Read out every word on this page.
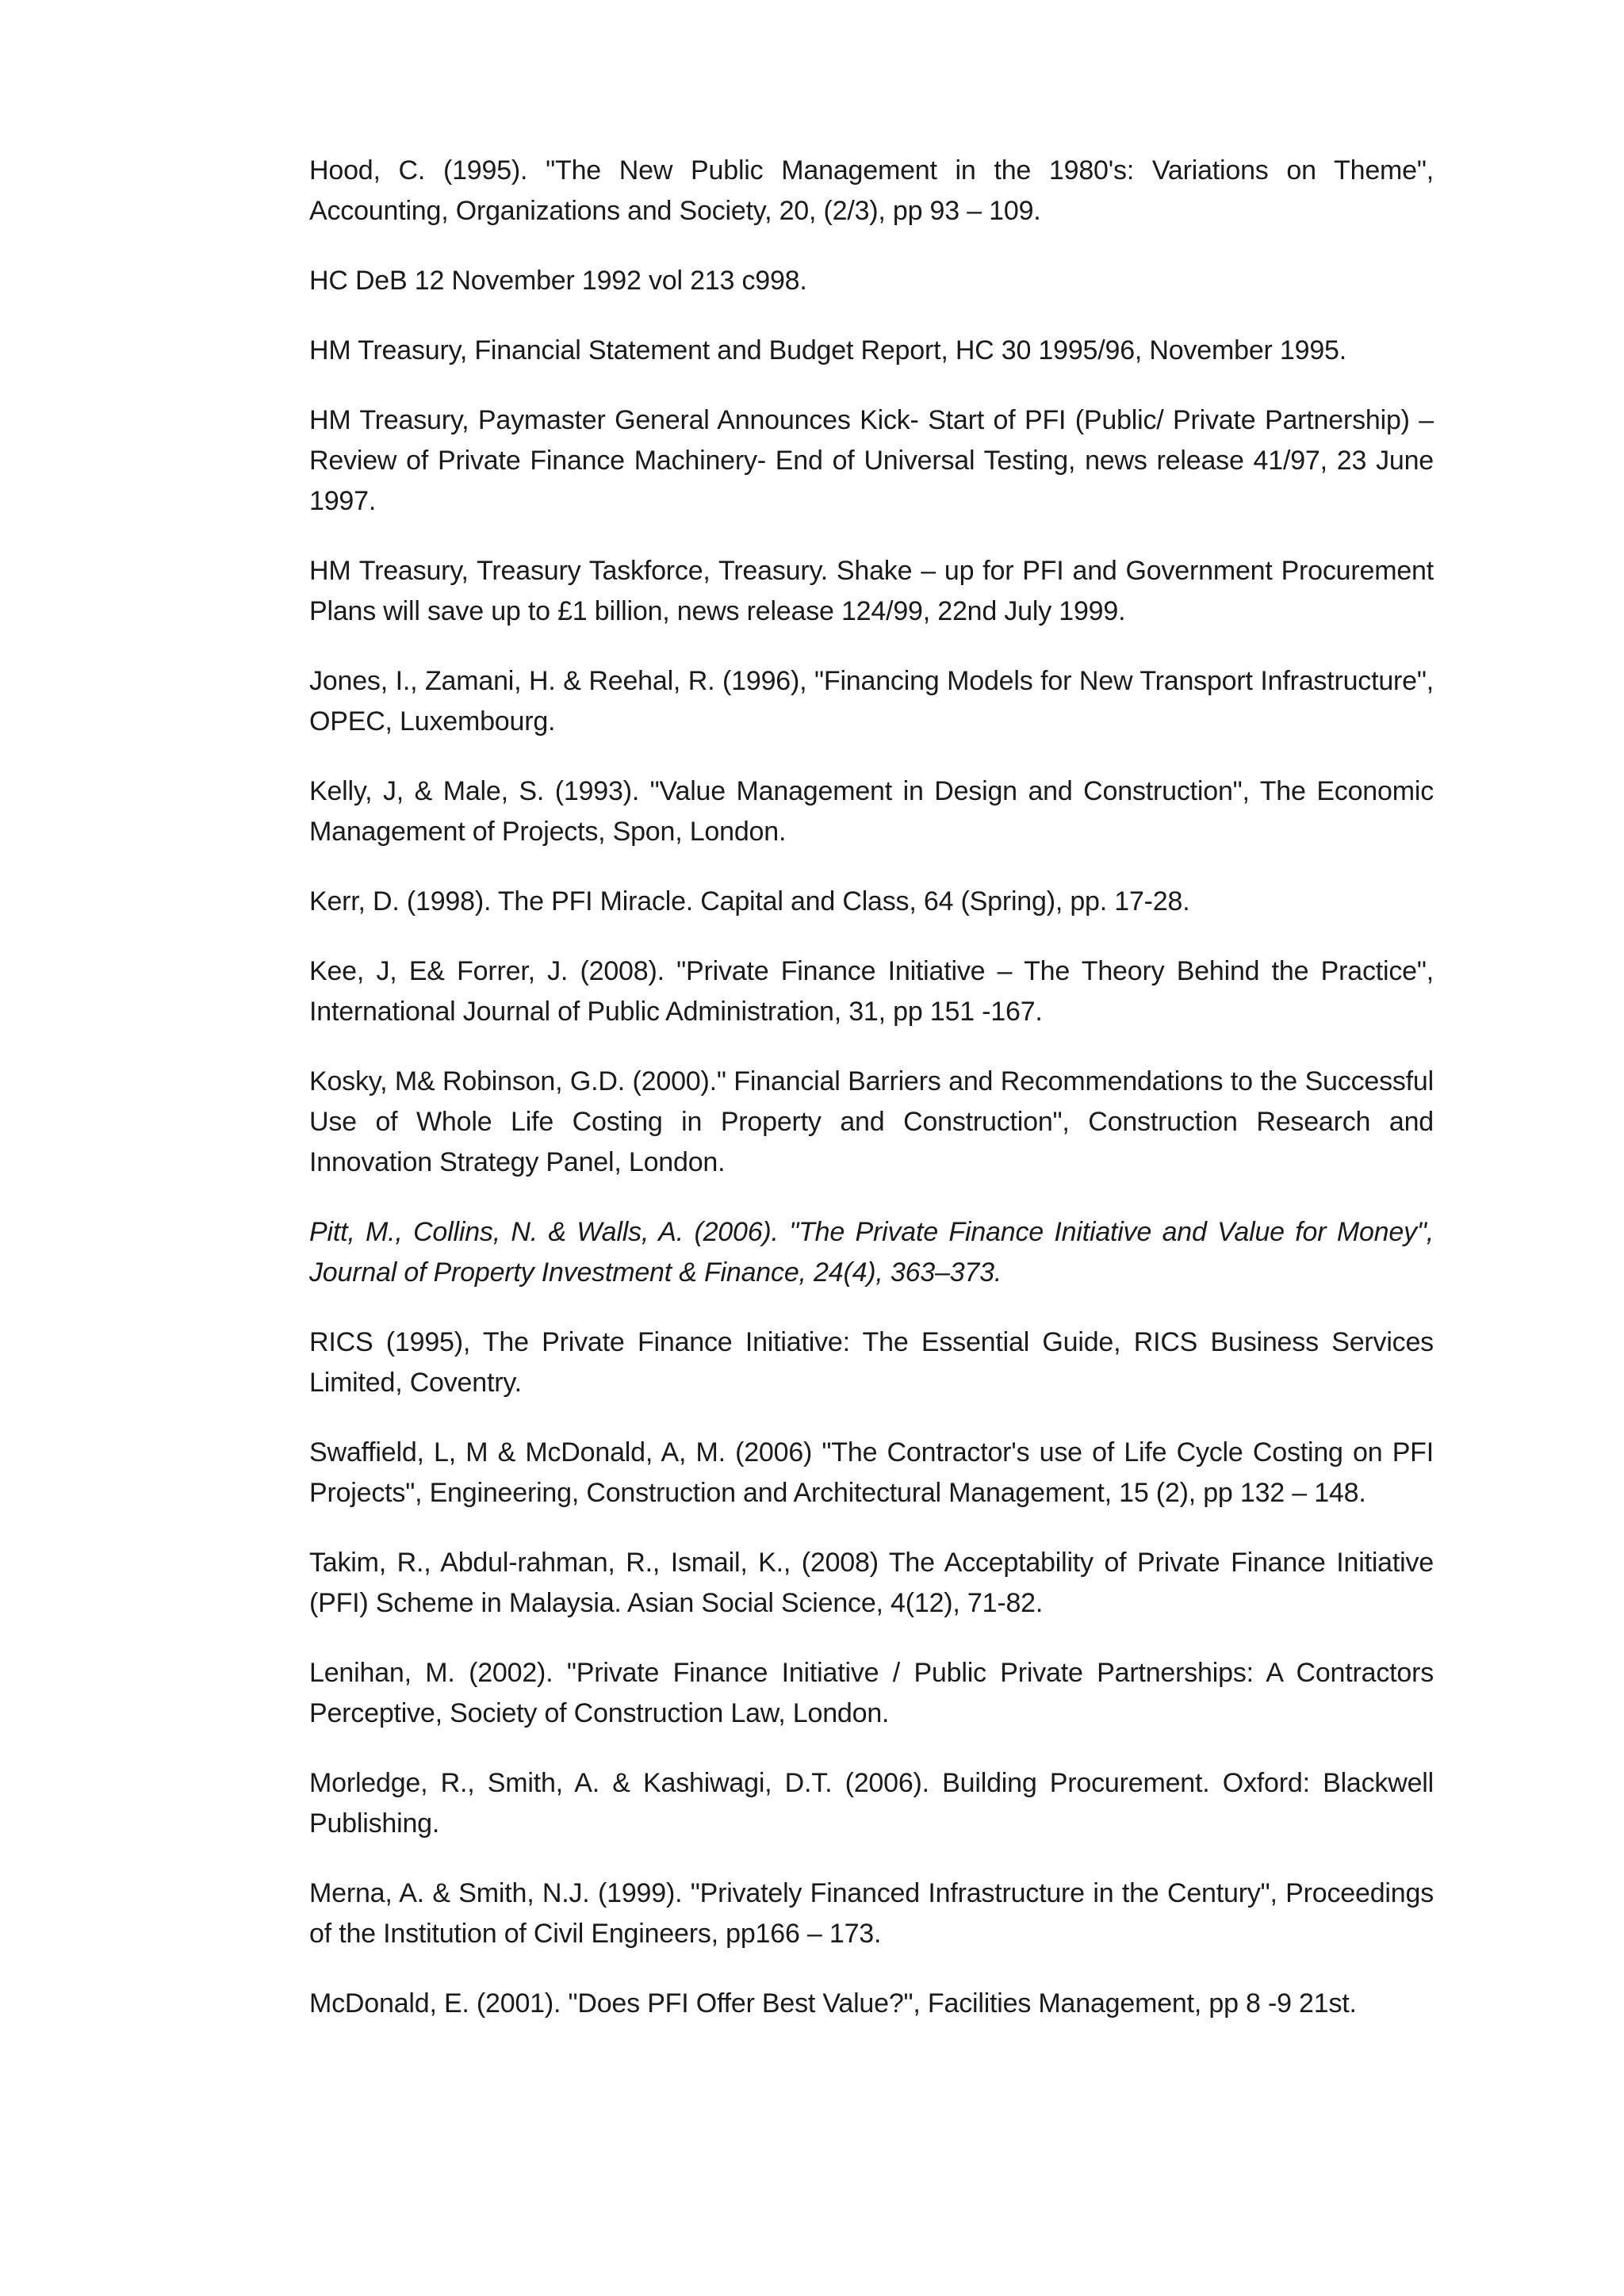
Hood, C. (1995). "The New Public Management in the 1980's: Variations on Theme", Accounting, Organizations and Society, 20, (2/3), pp 93 – 109.
HC DeB 12 November 1992 vol 213 c998.
HM Treasury, Financial Statement and Budget Report, HC 30 1995/96, November 1995.
HM Treasury, Paymaster General Announces Kick- Start of PFI (Public/ Private Partnership) – Review of Private Finance Machinery- End of Universal Testing, news release 41/97, 23 June 1997.
HM Treasury, Treasury Taskforce, Treasury. Shake – up for PFI and Government Procurement Plans will save up to £1 billion, news release 124/99, 22nd July 1999.
Jones, I., Zamani, H. & Reehal, R. (1996), "Financing Models for New Transport Infrastructure", OPEC, Luxembourg.
Kelly, J, & Male, S. (1993). "Value Management in Design and Construction", The Economic Management of Projects, Spon, London.
Kerr, D. (1998). The PFI Miracle. Capital and Class, 64 (Spring), pp. 17-28.
Kee, J, E& Forrer, J. (2008). "Private Finance Initiative – The Theory Behind the Practice", International Journal of Public Administration, 31, pp 151 -167.
Kosky, M& Robinson, G.D. (2000)." Financial Barriers and Recommendations to the Successful Use of Whole Life Costing in Property and Construction", Construction Research and Innovation Strategy Panel, London.
Pitt, M., Collins, N. & Walls, A. (2006). "The Private Finance Initiative and Value for Money", Journal of Property Investment & Finance, 24(4), 363–373.
RICS (1995), The Private Finance Initiative: The Essential Guide, RICS Business Services Limited, Coventry.
Swaffield, L, M & McDonald, A, M. (2006) "The Contractor's use of Life Cycle Costing on PFI Projects", Engineering, Construction and Architectural Management, 15 (2), pp 132 – 148.
Takim, R., Abdul-rahman, R., Ismail, K., (2008) The Acceptability of Private Finance Initiative (PFI) Scheme in Malaysia. Asian Social Science, 4(12), 71-82.
Lenihan, M. (2002). "Private Finance Initiative / Public Private Partnerships: A Contractors Perceptive, Society of Construction Law, London.
Morledge, R., Smith, A. & Kashiwagi, D.T. (2006). Building Procurement. Oxford: Blackwell Publishing.
Merna, A. & Smith, N.J. (1999). "Privately Financed Infrastructure in the Century", Proceedings of the Institution of Civil Engineers, pp166 – 173.
McDonald, E. (2001). "Does PFI Offer Best Value?", Facilities Management, pp 8 -9 21st.
